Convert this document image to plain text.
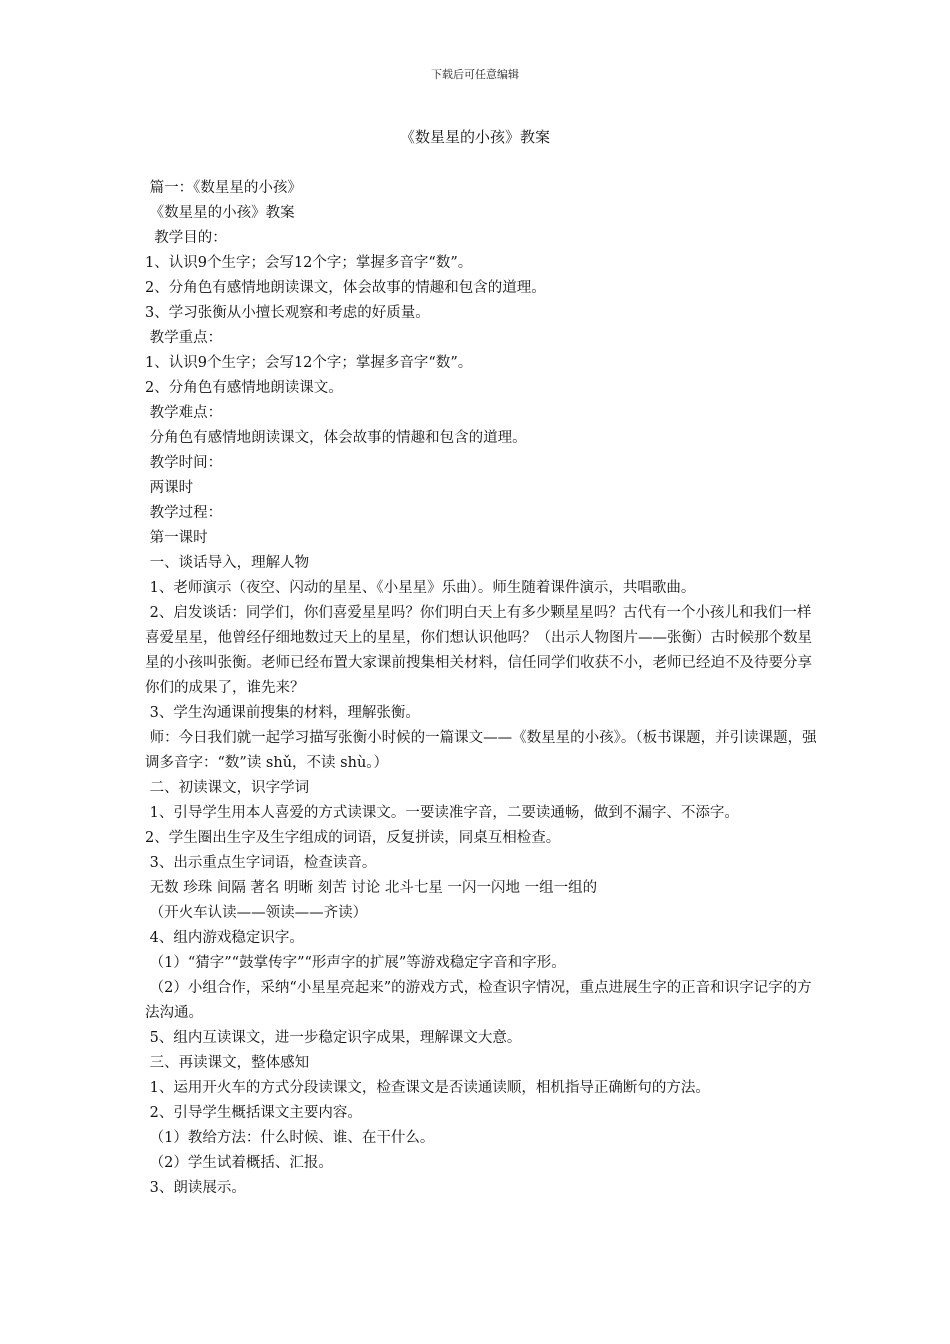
下载后可任意编辑
《数星星的小孩》教案

篇一：《数星星的小孩》

《数星星的小孩》教案

教学目的：

1、认识9个生字；会写12个字；掌握多音字“数”。

2、分角色有感情地朗读课文，体会故事的情趣和包含的道理。

3、学习张衡从小擅长观察和考虑的好质量。

教学重点：

1、认识9个生字；会写12个字；掌握多音字“数”。

2、分角色有感情地朗读课文。

教学难点：

分角色有感情地朗读课文，体会故事的情趣和包含的道理。

教学时间：

两课时

教学过程：

第一课时

一、谈话导入，理解人物

1、老师演示（夜空、闪动的星星、《小星星》乐曲）。师生随着课件演示，共唱歌曲。

2、启发谈话：同学们，你们喜爱星星吗？你们明白天上有多少颗星星吗？古代有一个小孩儿和我们一样喜爱星星，他曾经仔细地数过天上的星星，你们想认识他吗？（出示人物图片——张衡）古时候那个数星星的小孩叫张衡。老师已经布置大家课前搜集相关材料，信任同学们收获不小，老师已经迫不及待要分享你们的成果了，谁先来？

3、学生沟通课前搜集的材料，理解张衡。

师：今日我们就一起学习描写张衡小时候的一篇课文——《数星星的小孩》。（板书课题，并引读课题，强调多音字：“数”读 shǔ，不读 shù。）

二、初读课文，识字学词

1、引导学生用本人喜爱的方式读课文。一要读准字音，二要读通畅，做到不漏字、不添字。

2、学生圈出生字及生字组成的词语，反复拼读，同桌互相检查。

3、出示重点生字词语，检查读音。

无数 珍珠 间隔 著名 明晰 刻苦 讨论 北斗七星 一闪一闪地 一组一组的

（开火车认读——领读——齐读）

4、组内游戏稳定识字。

（1）“猜字”“鼓掌传字”“形声字的扩展”等游戏稳定字音和字形。

（2）小组合作，采纳“小星星亮起来”的游戏方式，检查识字情况，重点进展生字的正音和识字记字的方法沟通。

5、组内互读课文，进一步稳定识字成果，理解课文大意。

三、再读课文，整体感知

1、运用开火车的方式分段读课文，检查课文是否读通读顺，相机指导正确断句的方法。

2、引导学生概括课文主要内容。

（1）教给方法：什么时候、谁、在干什么。

（2）学生试着概括、汇报。

3、朗读展示。
